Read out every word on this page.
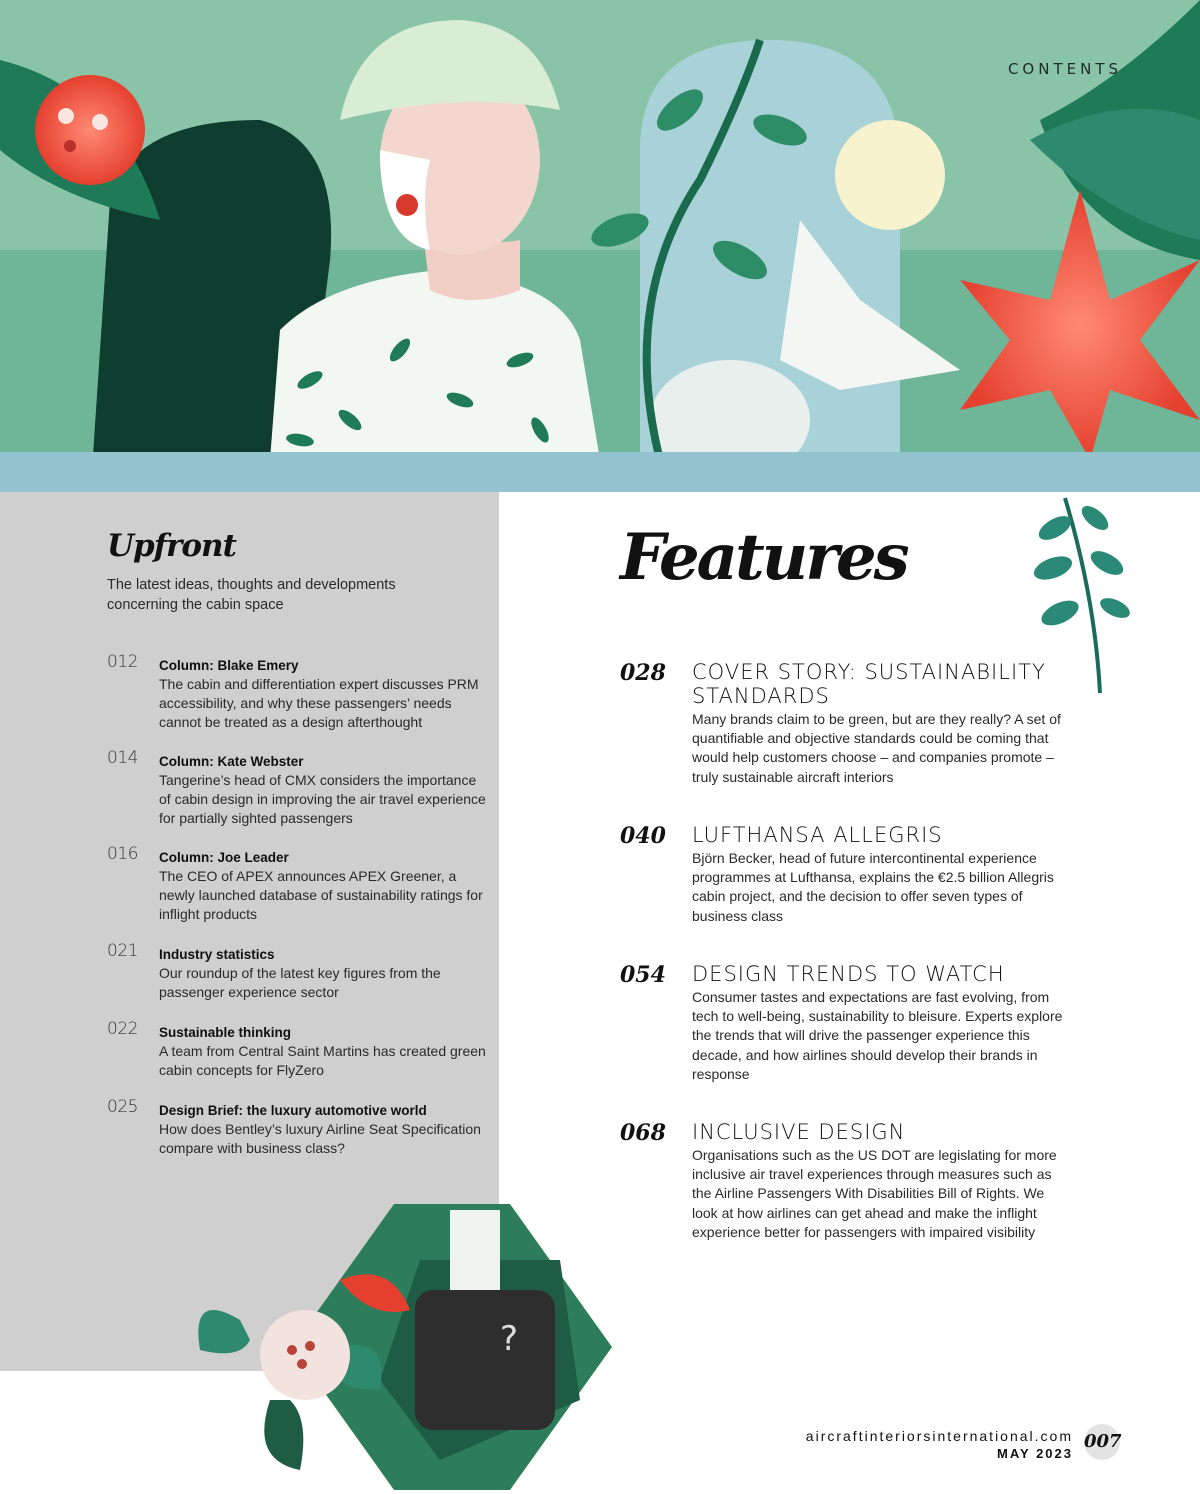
CONTENTS
Upfront

The latest ideas, thoughts and developments concerning the cabin space

012 Column: Blake Emery

The cabin and differentiation expert discusses PRM accessibility, and why these passengers’ needs cannot be treated as a design afterthought

014 Column: Kate Webster

Tangerine’s head of CMX considers the importance of cabin design in improving the air travel experience for partially sighted passengers

016 Column: Joe Leader

The CEO of APEX announces APEX Greener, a newly launched database of sustainability ratings for inflight products

021 Industry statistics

Our roundup of the latest key figures from the passenger experience sector

022 Sustainable thinking

A team from Central Saint Martins has created green cabin concepts for FlyZero

025 Design Brief: the luxury automotive world

How does Bentley’s luxury Airline Seat Specification compare with business class?

?
Features
028 COVER STORY: SUSTAINABILITY STANDARDS

Many brands claim to be green, but are they really? A set of quantifiable and objective standards could be coming that would help customers choose – and companies promote – truly sustainable aircraft interiors

040 LUFTHANSA ALLEGRIS

Björn Becker, head of future intercontinental experience programmes at Lufthansa, explains the €2.5 billion Allegris cabin project, and the decision to offer seven types of business class

054 DESIGN TRENDS TO WATCH

Consumer tastes and expectations are fast evolving, from tech to well-being, sustainability to bleisure. Experts explore the trends that will drive the passenger experience this decade, and how airlines should develop their brands in response

068 INCLUSIVE DESIGN

Organisations such as the US DOT are legislating for more inclusive air travel experiences through measures such as the Airline Passengers With Disabilities Bill of Rights. We look at how airlines can get ahead and make the inflight experience better for passengers with impaired visibility

aircraftinteriorsinternational.com
MAY 2023
007
